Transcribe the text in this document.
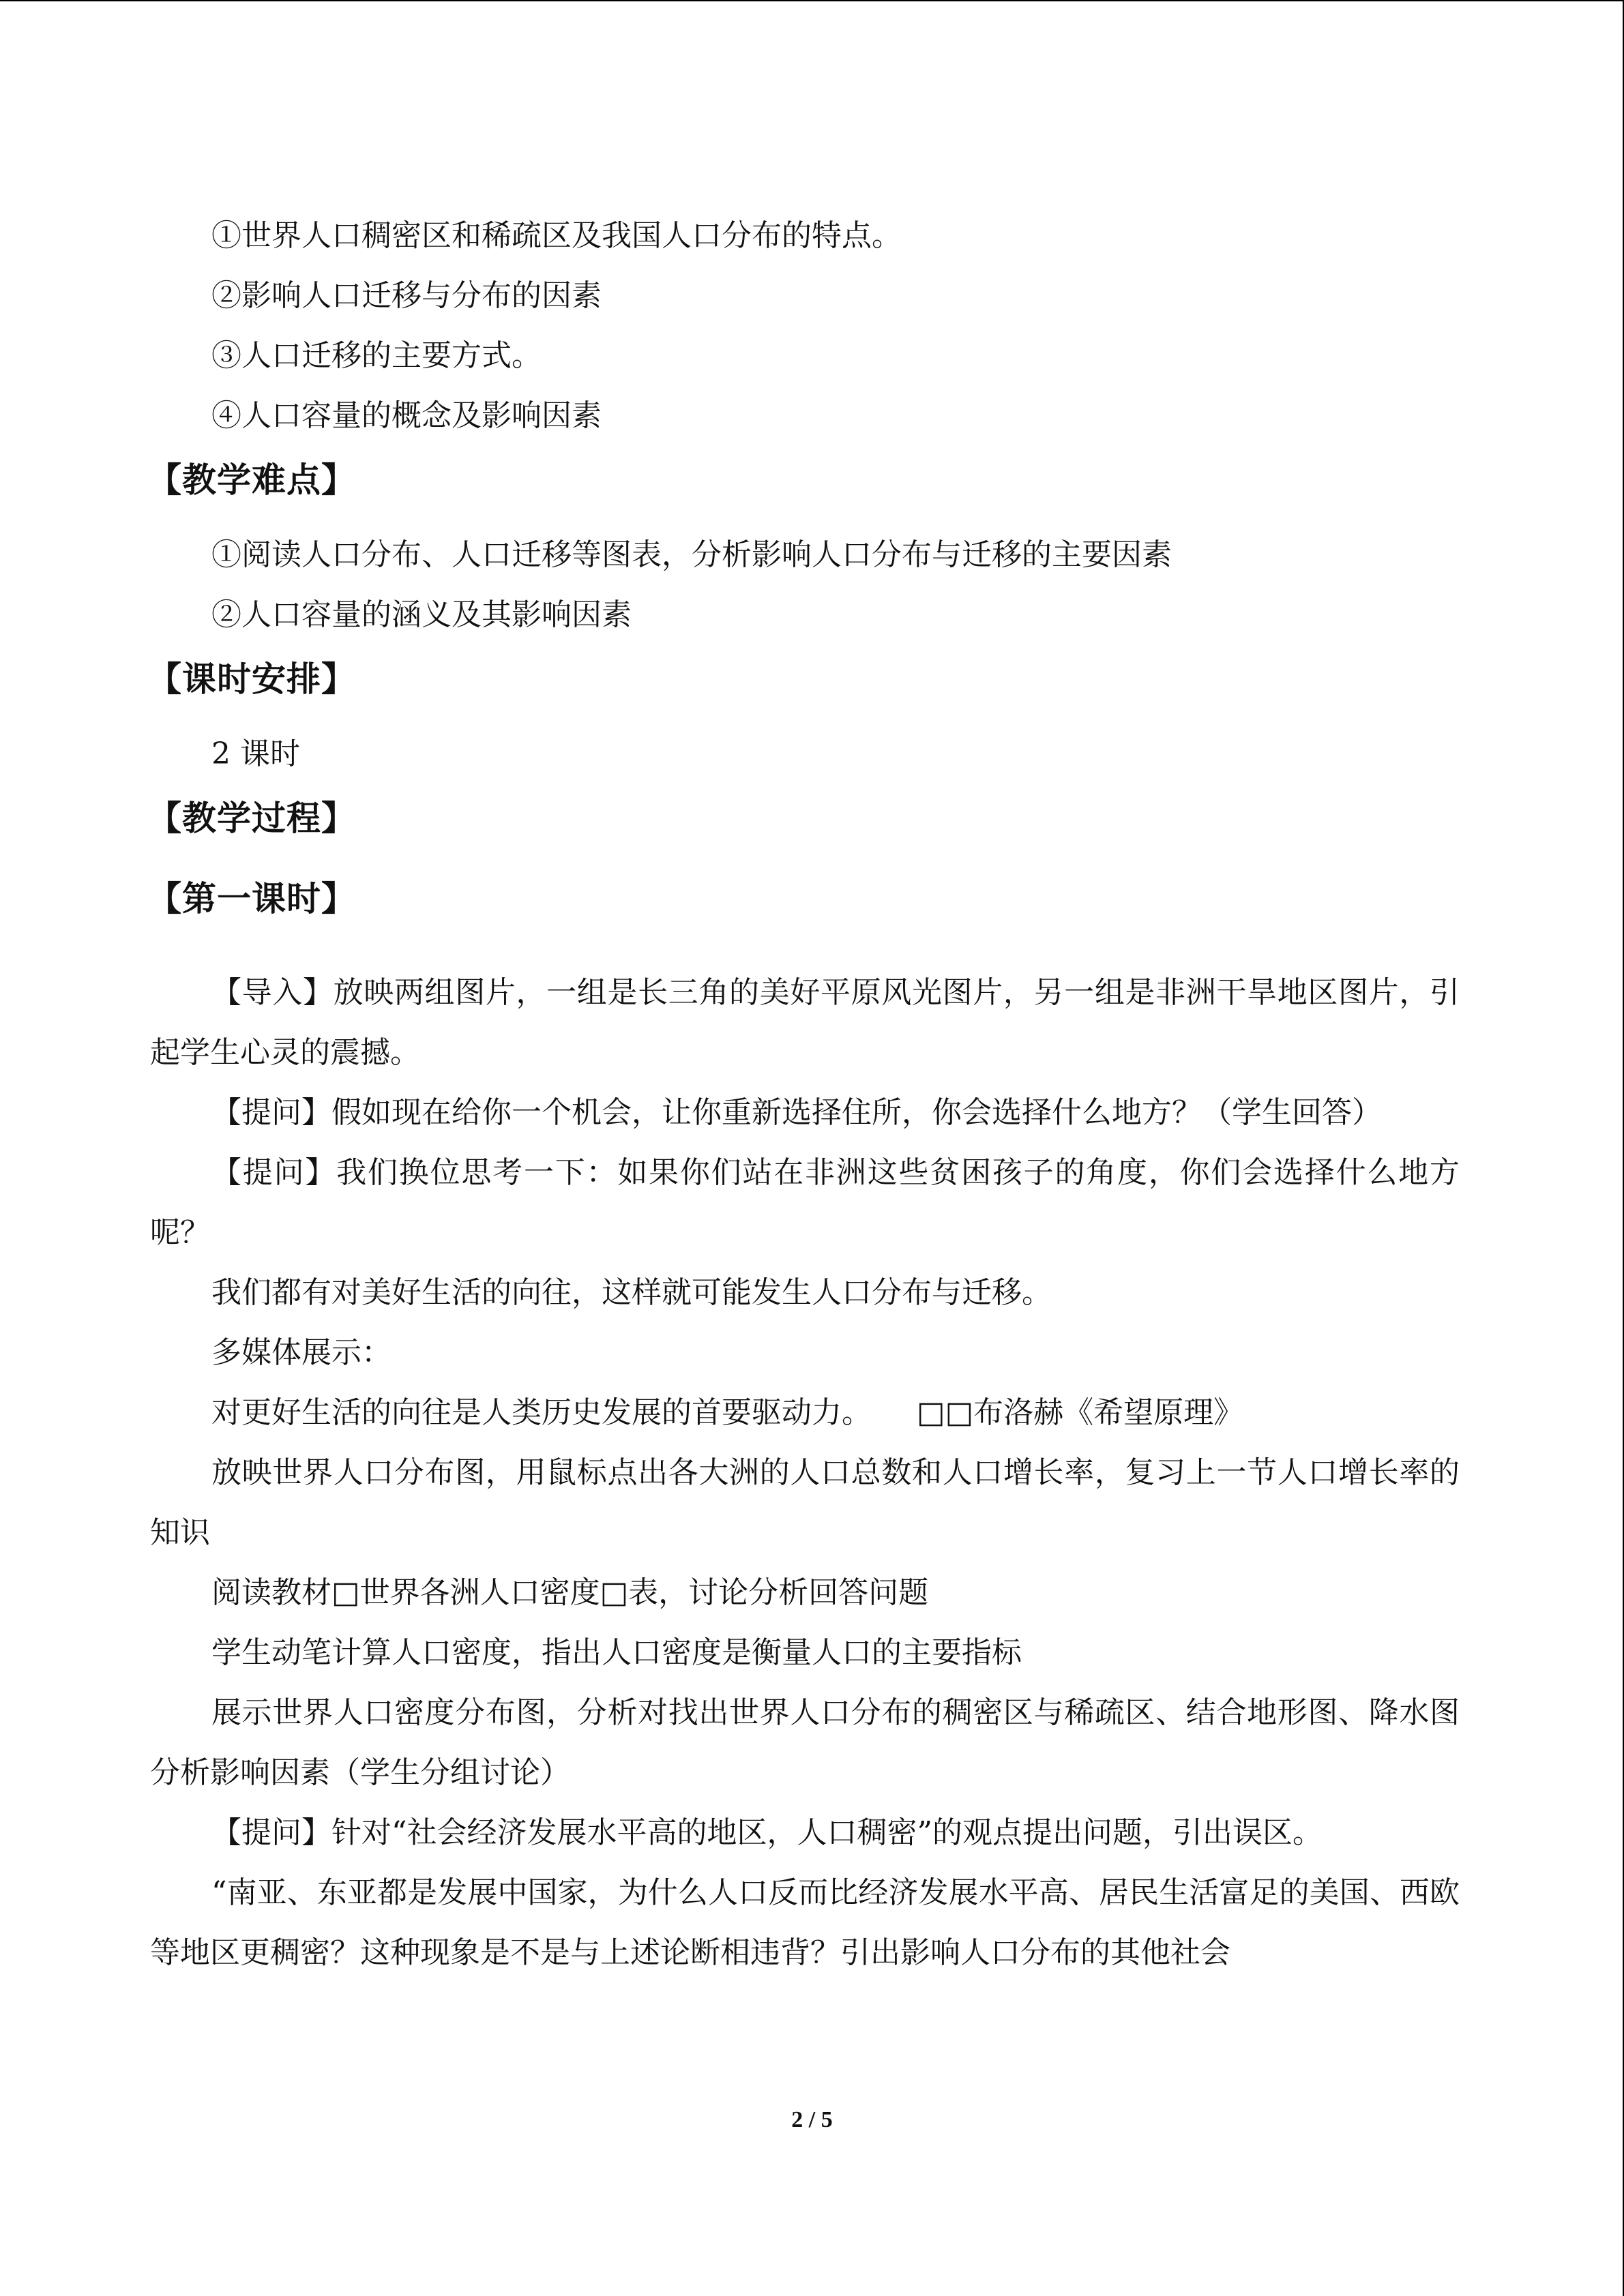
①世界人口稠密区和稀疏区及我国人口分布的特点。
②影响人口迁移与分布的因素
③人口迁移的主要方式。
④人口容量的概念及影响因素
【教学难点】
①阅读人口分布、人口迁移等图表，分析影响人口分布与迁移的主要因素
②人口容量的涵义及其影响因素
【课时安排】
2 课时
【教学过程】
【第一课时】

【导入】放映两组图片，一组是长三角的美好平原风光图片，另一组是非洲干旱地区图片，引起学生心灵的震撼。

【提问】假如现在给你一个机会，让你重新选择住所，你会选择什么地方？（学生回答）

【提问】我们换位思考一下：如果你们站在非洲这些贫困孩子的角度，你们会选择什么地方呢？

我们都有对美好生活的向往，这样就可能发生人口分布与迁移。

多媒体展示：

对更好生活的向往是人类历史发展的首要驱动力。　　□□布洛赫《希望原理》

放映世界人口分布图，用鼠标点出各大洲的人口总数和人口增长率，复习上一节人口增长率的知识

阅读教材□世界各洲人口密度□表，讨论分析回答问题

学生动笔计算人口密度，指出人口密度是衡量人口的主要指标

展示世界人口密度分布图，分析对找出世界人口分布的稠密区与稀疏区、结合地形图、降水图分析影响因素（学生分组讨论）

【提问】针对“社会经济发展水平高的地区，人口稠密”的观点提出问题，引出误区。

“南亚、东亚都是发展中国家，为什么人口反而比经济发展水平高、居民生活富足的美国、西欧等地区更稠密？这种现象是不是与上述论断相违背？引出影响人口分布的其他社会

2 / 5
